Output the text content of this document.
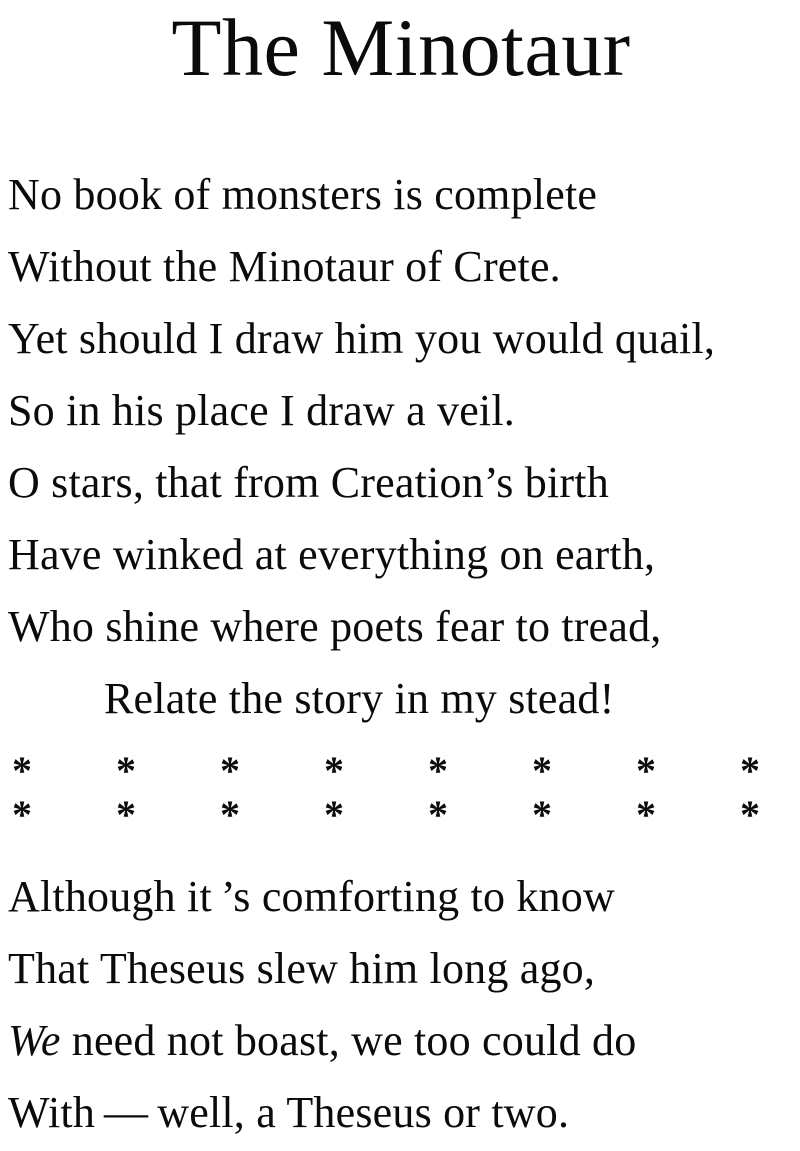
The Minotaur
No book of monsters is complete
Without the Minotaur of Crete.
Yet should I draw him you would quail,
So in his place I draw a veil.
O stars, that from Creation’s birth
Have winked at everything on earth,
Who shine where poets fear to tread,
Relate the story in my stead!
* * * * * * * *
* * * * * * * *
Although it ’s comforting to know
That Theseus slew him long ago,
We need not boast, we too could do
With — well, a Theseus or two.
